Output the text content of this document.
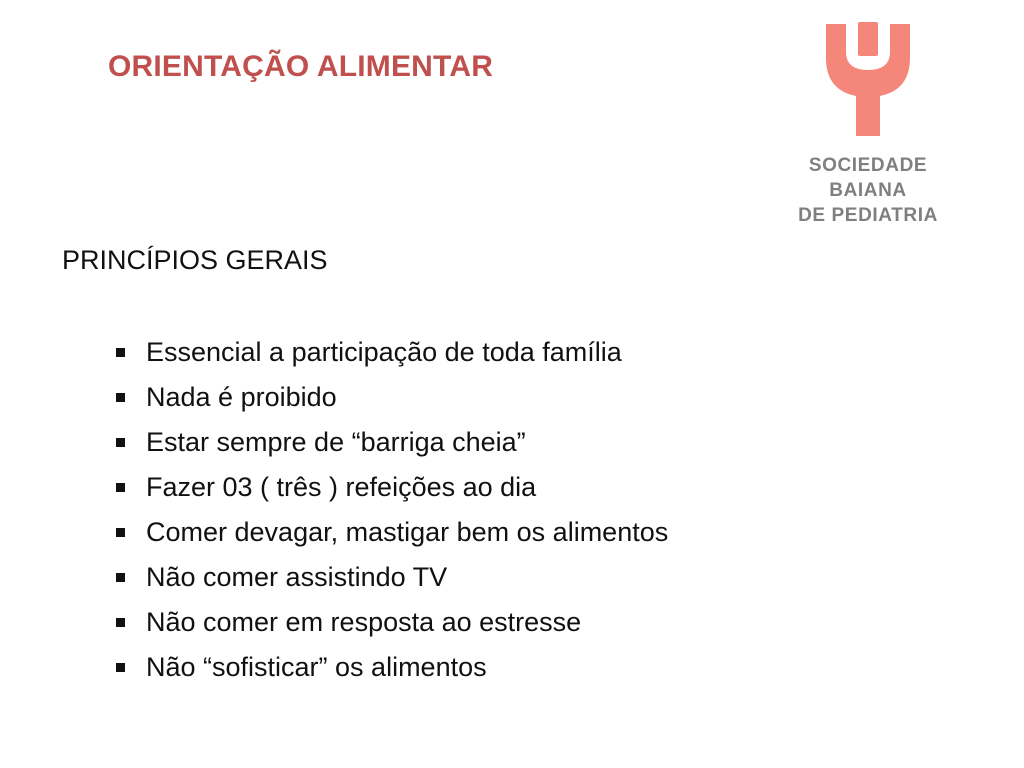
ORIENTAÇÃO ALIMENTAR
SOCIEDADE
BAIANA
DE PEDIATRIA
PRINCÍPIOS GERAIS
Essencial a participação de toda família
Nada é proibido
Estar sempre de “barriga cheia”
Fazer 03 ( três ) refeições ao dia
Comer devagar, mastigar bem os alimentos
Não comer assistindo TV
Não comer em resposta ao estresse
Não “sofisticar” os alimentos
